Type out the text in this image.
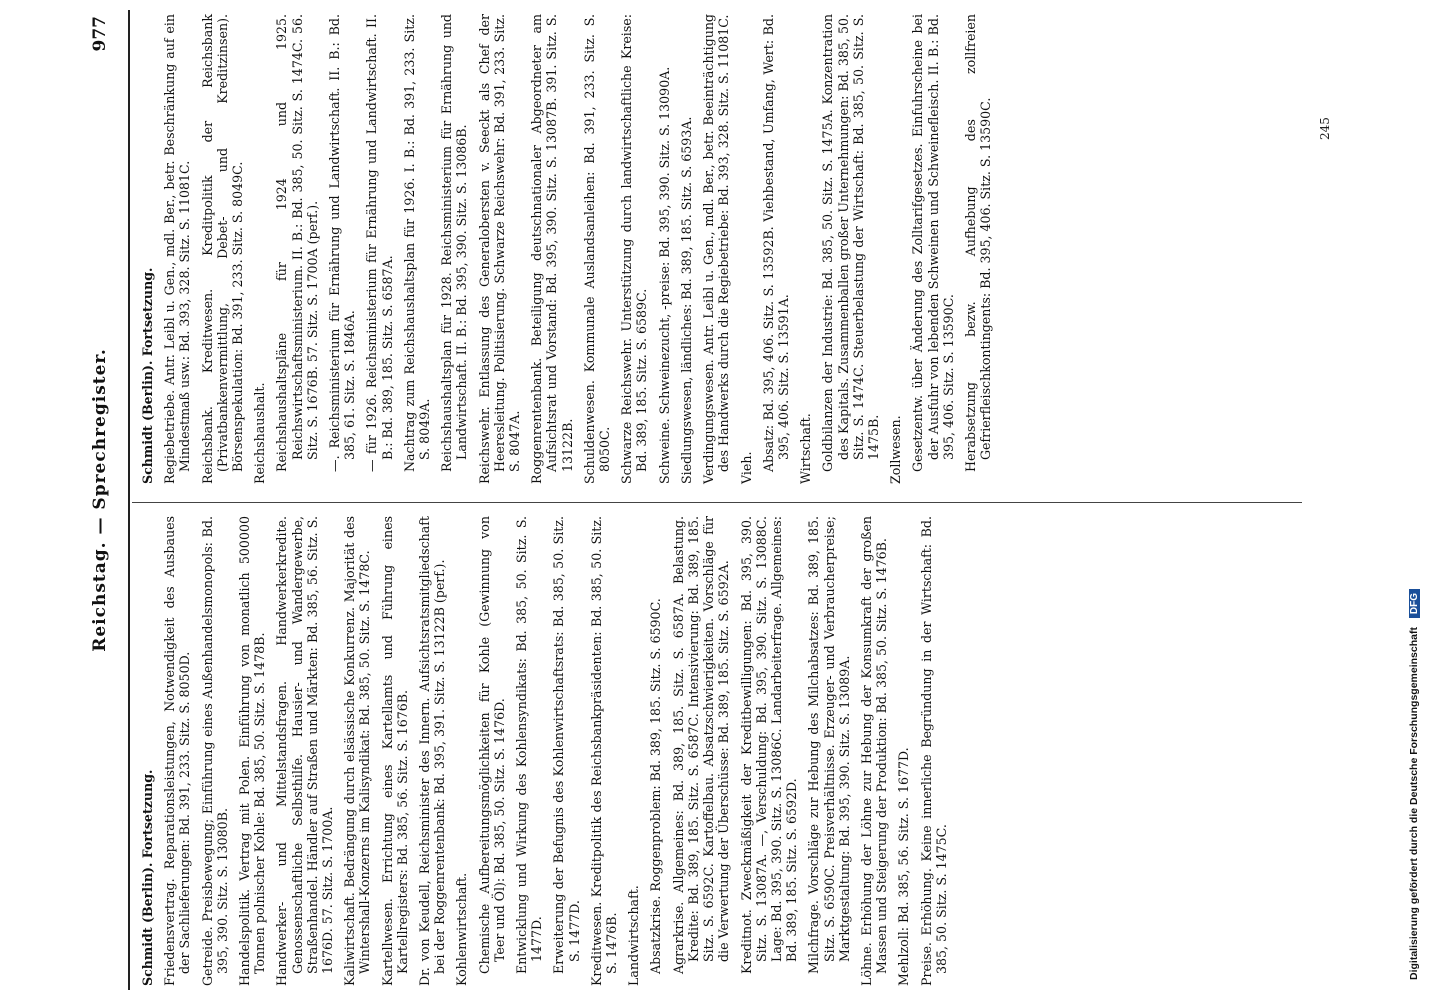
Reichstag. — Sprechregister.
977

Schmidt (Berlin). Fortsetzung. Friedensvertrag. Reparationsleistungen, Notwendigkeit des Ausbaues der Sachlieferungen: Bd. 391, 233. Sitz. S. 8050D. Getreide. Preisbewegung; Einführung eines Außenhandelsmonopols: Bd. 395, 390. Sitz. S. 13080B. Handelspolitik. Vertrag mit Polen. Einführung von monatlich 500000 Tonnen polnischer Kohle: Bd. 385, 50. Sitz. S. 1478B. Handwerker- und Mittelstandsfragen. Handwerkerkredite. Genossenschaftliche Selbsthilfe. Hausier- und Wandergewerbe, Straßenhandel. Händler auf Straßen und Märkten: Bd. 385, 56. Sitz. S. 1676D. 57. Sitz. S. 1700A. Kaliwirtschaft. Bedrängung durch elsässische Konkurrenz. Majorität des Wintershall-Konzerns im Kalisyndikat: Bd. 385, 50. Sitz. S. 1478C. Kartellwesen. Errichtung eines Kartellamts und Führung eines Kartellregisters: Bd. 385, 56. Sitz. S. 1676B. Dr. von Keudell, Reichsminister des Innern. Aufsichtsratsmitgliedschaft bei der Roggenrentenbank: Bd. 395, 391. Sitz. S. 13122B (perf.). Kohlenwirtschaft. Chemische Aufbereitungsmöglichkeiten für Kohle (Gewinnung von Teer und Öl): Bd. 385, 50. Sitz. S. 1476D. Entwicklung und Wirkung des Kohlensyndikats: Bd. 385, 50. Sitz. S. 1477D. Erweiterung der Befugnis des Kohlenwirtschaftsrats: Bd. 385, 50. Sitz. S. 1477D. Kreditwesen. Kreditpolitik des Reichsbankpräsidenten: Bd. 385, 50. Sitz. S. 1476B. Landwirtschaft. Absatzkrise. Roggenproblem: Bd. 389, 185. Sitz. S. 6590C. Agrarkrise. Allgemeines: Bd. 389, 185. Sitz. S. 6587A. Belastung. Kredite: Bd. 389, 185. Sitz. S. 6587C. Intensivierung: Bd. 389, 185. Sitz. S. 6592C. Kartoffelbau. Absatzschwierigkeiten. Vorschläge für die Verwertung der Überschüsse: Bd. 389, 185. Sitz. S. 6592A. Kreditnot. Zweckmäßigkeit der Kreditbewilligungen: Bd. 395, 390. Sitz. S. 13087A. —, Verschuldung: Bd. 395, 390. Sitz. S. 13088C. Lage: Bd. 395, 390. Sitz. S. 13086C. Landarbeiterfrage. Allgemeines: Bd. 389, 185. Sitz. S. 6592D. Milchfrage. Vorschläge zur Hebung des Milchabsatzes: Bd. 389, 185. Sitz. S. 6590C. Preisverhältnisse. Erzeuger- und Verbraucherpreise; Marktgestaltung: Bd. 395, 390. Sitz. S. 13089A. Löhne. Erhöhung der Löhne zur Hebung der Konsumkraft der großen Massen und Steigerung der Produktion: Bd. 385, 50. Sitz. S. 1476B. Mehlzoll: Bd. 385, 56. Sitz. S. 1677D. Preise. Erhöhung. Keine innerliche Begründung in der Wirtschaft: Bd. 385, 50. Sitz. S. 1475C.

Schmidt (Berlin). Fortsetzung. Regiebetriebe. Antr. Leibl u. Gen., mdl. Ber., betr. Beschränkung auf ein Mindestmaß usw.: Bd. 393, 328. Sitz. S. 11081C. Reichsbank. Kreditwesen. Kreditpolitik der Reichsbank (Privatbankenvermittlung, Debet- und Kreditzinsen). Börsenspekulation: Bd. 391, 233. Sitz. S. 8049C. Reichshaushalt. Reichshaushaltspläne für 1924 und 1925. Reichswirtschaftsministerium. II. B.: Bd. 385, 50. Sitz. S. 1474C. 56. Sitz. S. 1676B. 57. Sitz. S. 1700A (perf.). —. Reichsministerium für Ernährung und Landwirtschaft. II. B.: Bd. 385, 61. Sitz. S. 1846A. — für 1926. Reichsministerium für Ernährung und Landwirtschaft. II. B.: Bd. 389, 185. Sitz. S. 6587A. Nachtrag zum Reichshaushaltsplan für 1926. I. B.: Bd. 391, 233. Sitz. S. 8049A. Reichshaushaltsplan für 1928. Reichsministerium für Ernährung und Landwirtschaft. II. B.: Bd. 395, 390. Sitz. S. 13086B. Reichswehr. Entlassung des Generalobersten v. Seeckt als Chef der Heeresleitung. Politisierung. Schwarze Reichswehr: Bd. 391, 233. Sitz. S. 8047A. Roggenrentenbank. Beteiligung deutschnationaler Abgeordneter am Aufsichtsrat und Vorstand: Bd. 395, 390. Sitz. S. 13087B. 391. Sitz. S. 13122B. Schuldenwesen. Kommunale Auslandsanleihen: Bd. 391, 233. Sitz. S. 8050C. Schwarze Reichswehr. Unterstützung durch landwirtschaftliche Kreise: Bd. 389, 185. Sitz. S. 6589C. Schweine. Schweinezucht, -preise: Bd. 395, 390. Sitz. S. 13090A. Siedlungswesen, ländliches: Bd. 389, 185. Sitz. S. 6593A. Verdingungswesen. Antr. Leibl u. Gen., mdl. Ber., betr. Beeinträchtigung des Handwerks durch die Regiebetriebe: Bd. 393, 328. Sitz. S. 11081C. Vieh. Absatz: Bd. 395, 406. Sitz. S. 13592B. Viehbestand, Umfang, Wert: Bd. 395, 406. Sitz. S. 13591A. Wirtschaft. Goldbilanzen der Industrie: Bd. 385, 50. Sitz. S. 1475A. Konzentration des Kapitals. Zusammenballen großer Unternehmungen: Bd. 385, 50. Sitz. S. 1474C. Steuerbelastung der Wirtschaft: Bd. 385, 50. Sitz. S. 1475B. Zollwesen. Gesetzentw. über Änderung des Zolltarifgesetzes. Einfuhrscheine bei der Ausfuhr von lebenden Schweinen und Schweinefleisch. II. B.: Bd. 395, 406. Sitz. S. 13590C. Herabsetzung bezw. Aufhebung des zollfreien Gefrierfleischkontingents: Bd. 395, 406. Sitz. S. 13590C.	245
Digitalisierung gefördert durch die Deutsche Forschungsgemeinschaft DFG
